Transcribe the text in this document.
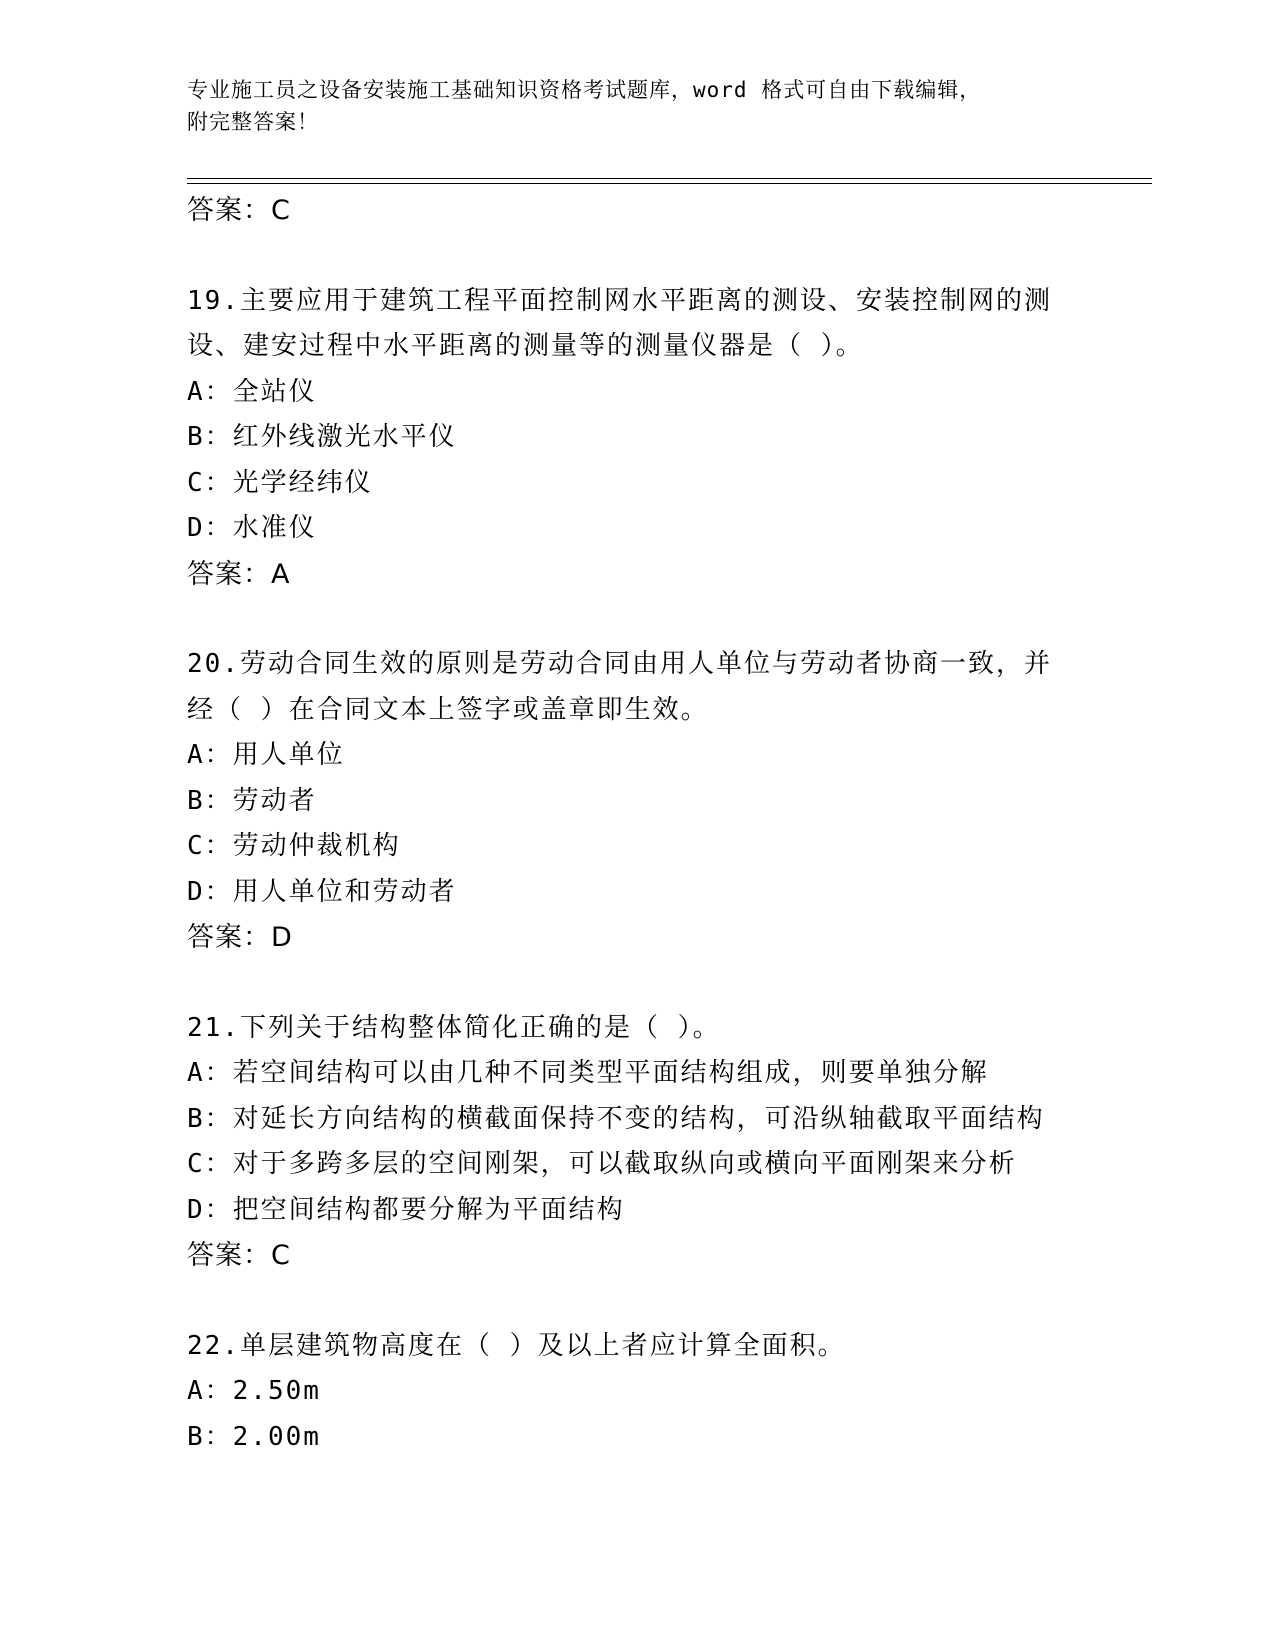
专业施工员之设备安装施工基础知识资格考试题库，word 格式可自由下载编辑，
附完整答案！
答案：C
19.主要应用于建筑工程平面控制网水平距离的测设、安装控制网的测
设、建安过程中水平距离的测量等的测量仪器是（ ）。
A：全站仪
B：红外线激光水平仪
C：光学经纬仪
D：水准仪
答案：A
20.劳动合同生效的原则是劳动合同由用人单位与劳动者协商一致，并
经（ ）在合同文本上签字或盖章即生效。
A：用人单位
B：劳动者
C：劳动仲裁机构
D：用人单位和劳动者
答案：D
21.下列关于结构整体简化正确的是（ ）。
A：若空间结构可以由几种不同类型平面结构组成，则要单独分解
B：对延长方向结构的横截面保持不变的结构，可沿纵轴截取平面结构
C：对于多跨多层的空间刚架，可以截取纵向或横向平面刚架来分析
D：把空间结构都要分解为平面结构
答案：C
22.单层建筑物高度在（ ）及以上者应计算全面积。
A：2.50m
B：2.00m
